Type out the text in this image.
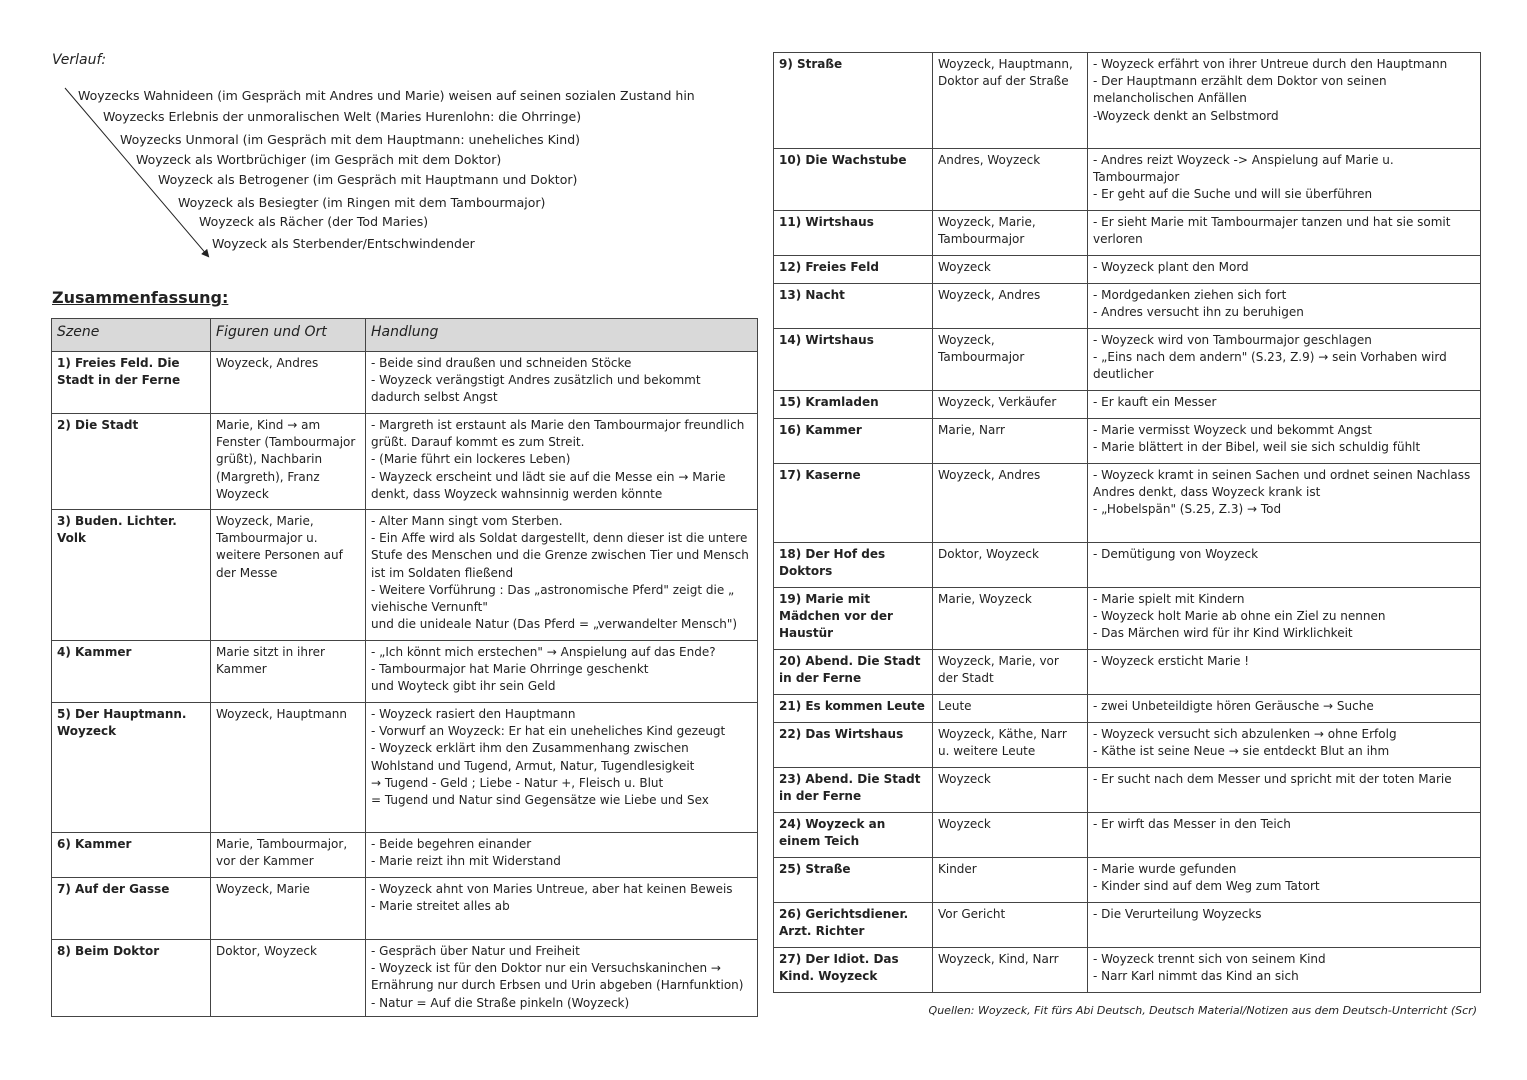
Verlauf:
Woyzecks Wahnideen (im Gespräch mit Andres und Marie) weisen auf seinen sozialen Zustand hin
Woyzecks Erlebnis der unmoralischen Welt (Maries Hurenlohn: die Ohrringe)
Woyzecks Unmoral (im Gespräch mit dem Hauptmann: uneheliches Kind)
Woyzeck als Wortbrüchiger (im Gespräch mit dem Doktor)
Woyzeck als Betrogener (im Gespräch mit Hauptmann und Doktor)
Woyzeck als Besiegter (im Ringen mit dem Tambourmajor)
Woyzeck als Rächer (der Tod Maries)
Woyzeck als Sterbender/Entschwindender
Zusammenfassung:
Szene	Figuren und Ort	Handlung
1) Freies Feld. Die Stadt in der Ferne	Woyzeck, Andres	- Beide sind draußen und schneiden Stöcke
- Woyzeck verängstigt Andres zusätzlich und bekommt dadurch selbst Angst

2) Die Stadt	Marie, Kind → am Fenster (Tambourmajor grüßt), Nachbarin (Margreth), Franz Woyzeck	- Margreth ist erstaunt als Marie den Tambourmajor freundlich grüßt. Darauf kommt es zum Streit.
- (Marie führt ein lockeres Leben)
- Wayzeck erscheint und lädt sie auf die Messe ein → Marie denkt, dass Woyzeck wahnsinnig werden könnte

3) Buden. Lichter. Volk	Woyzeck, Marie, Tambourmajor u. weitere Personen auf der Messe	- Alter Mann singt vom Sterben.
- Ein Affe wird als Soldat dargestellt, denn dieser ist die untere Stufe des Menschen und die Grenze zwischen Tier und Mensch ist im Soldaten fließend
- Weitere Vorführung : Das „astronomische Pferd" zeigt die „ viehische Vernunft"
und die unideale Natur (Das Pferd = „verwandelter Mensch")

4) Kammer	Marie sitzt in ihrer Kammer	- „Ich könnt mich erstechen" → Anspielung auf das Ende?
- Tambourmajor hat Marie Ohrringe geschenkt
und Woyteck gibt ihr sein Geld

5) Der Hauptmann. Woyzeck	Woyzeck, Hauptmann	- Woyzeck rasiert den Hauptmann
- Vorwurf an Woyzeck: Er hat ein uneheliches Kind gezeugt
- Woyzeck erklärt ihm den Zusammenhang zwischen Wohlstand und Tugend, Armut, Natur, Tugendlesigkeit
→ Tugend - Geld ; Liebe - Natur +, Fleisch u. Blut
= Tugend und Natur sind Gegensätze wie Liebe und Sex

6) Kammer	Marie, Tambourmajor, vor der Kammer	- Beide begehren einander
- Marie reizt ihn mit Widerstand

7) Auf der Gasse	Woyzeck, Marie	- Woyzeck ahnt von Maries Untreue, aber hat keinen Beweis
- Marie streitet alles ab

8) Beim Doktor	Doktor, Woyzeck	- Gespräch über Natur und Freiheit
- Woyzeck ist für den Doktor nur ein Versuchskaninchen → Ernährung nur durch Erbsen und Urin abgeben (Harnfunktion)
- Natur = Auf die Straße pinkeln (Woyzeck)
9) Straße	Woyzeck, Hauptmann, Doktor auf der Straße	- Woyzeck erfährt von ihrer Untreue durch den Hauptmann
- Der Hauptmann erzählt dem Doktor von seinen melancholischen Anfällen
-Woyzeck denkt an Selbstmord

10) Die Wachstube	Andres, Woyzeck	- Andres reizt Woyzeck -> Anspielung auf Marie u. Tambourmajor
- Er geht auf die Suche und will sie überführen

11) Wirtshaus	Woyzeck, Marie, Tambourmajor	- Er sieht Marie mit Tambourmajer tanzen und hat sie somit verloren

12) Freies Feld	Woyzeck	- Woyzeck plant den Mord

13) Nacht	Woyzeck, Andres	- Mordgedanken ziehen sich fort
- Andres versucht ihn zu beruhigen

14) Wirtshaus	Woyzeck, Tambourmajor	- Woyzeck wird von Tambourmajor geschlagen
- „Eins nach dem andern" (S.23, Z.9) → sein Vorhaben wird deutlicher

15) Kramladen	Woyzeck, Verkäufer	- Er kauft ein Messer

16) Kammer	Marie, Narr	- Marie vermisst Woyzeck und bekommt Angst
- Marie blättert in der Bibel, weil sie sich schuldig fühlt

17) Kaserne	Woyzeck, Andres	- Woyzeck kramt in seinen Sachen und ordnet seinen Nachlass
Andres denkt, dass Woyzeck krank ist
- „Hobelspän" (S.25, Z.3) → Tod

18) Der Hof des Doktors	Doktor, Woyzeck	- Demütigung von Woyzeck

19) Marie mit Mädchen vor der Haustür	Marie, Woyzeck	- Marie spielt mit Kindern
- Woyzeck holt Marie ab ohne ein Ziel zu nennen
- Das Märchen wird für ihr Kind Wirklichkeit

20) Abend. Die Stadt in der Ferne	Woyzeck, Marie, vor der Stadt	- Woyzeck ersticht Marie !

21) Es kommen Leute	Leute	- zwei Unbeteildigte hören Geräusche → Suche

22) Das Wirtshaus	Woyzeck, Käthe, Narr u. weitere Leute	- Woyzeck versucht sich abzulenken → ohne Erfolg
- Käthe ist seine Neue → sie entdeckt Blut an ihm

23) Abend. Die Stadt in der Ferne	Woyzeck	- Er sucht nach dem Messer und spricht mit der toten Marie

24) Woyzeck an einem Teich	Woyzeck	- Er wirft das Messer in den Teich

25) Straße	Kinder	- Marie wurde gefunden
- Kinder sind auf dem Weg zum Tatort

26) Gerichtsdiener. Arzt. Richter	Vor Gericht	- Die Verurteilung Woyzecks

27) Der Idiot. Das Kind. Woyzeck	Woyzeck, Kind, Narr	- Woyzeck trennt sich von seinem Kind
- Narr Karl nimmt das Kind an sich
Quellen: Woyzeck, Fit fürs Abi Deutsch, Deutsch Material/Notizen aus dem Deutsch-Unterricht (Scr)
